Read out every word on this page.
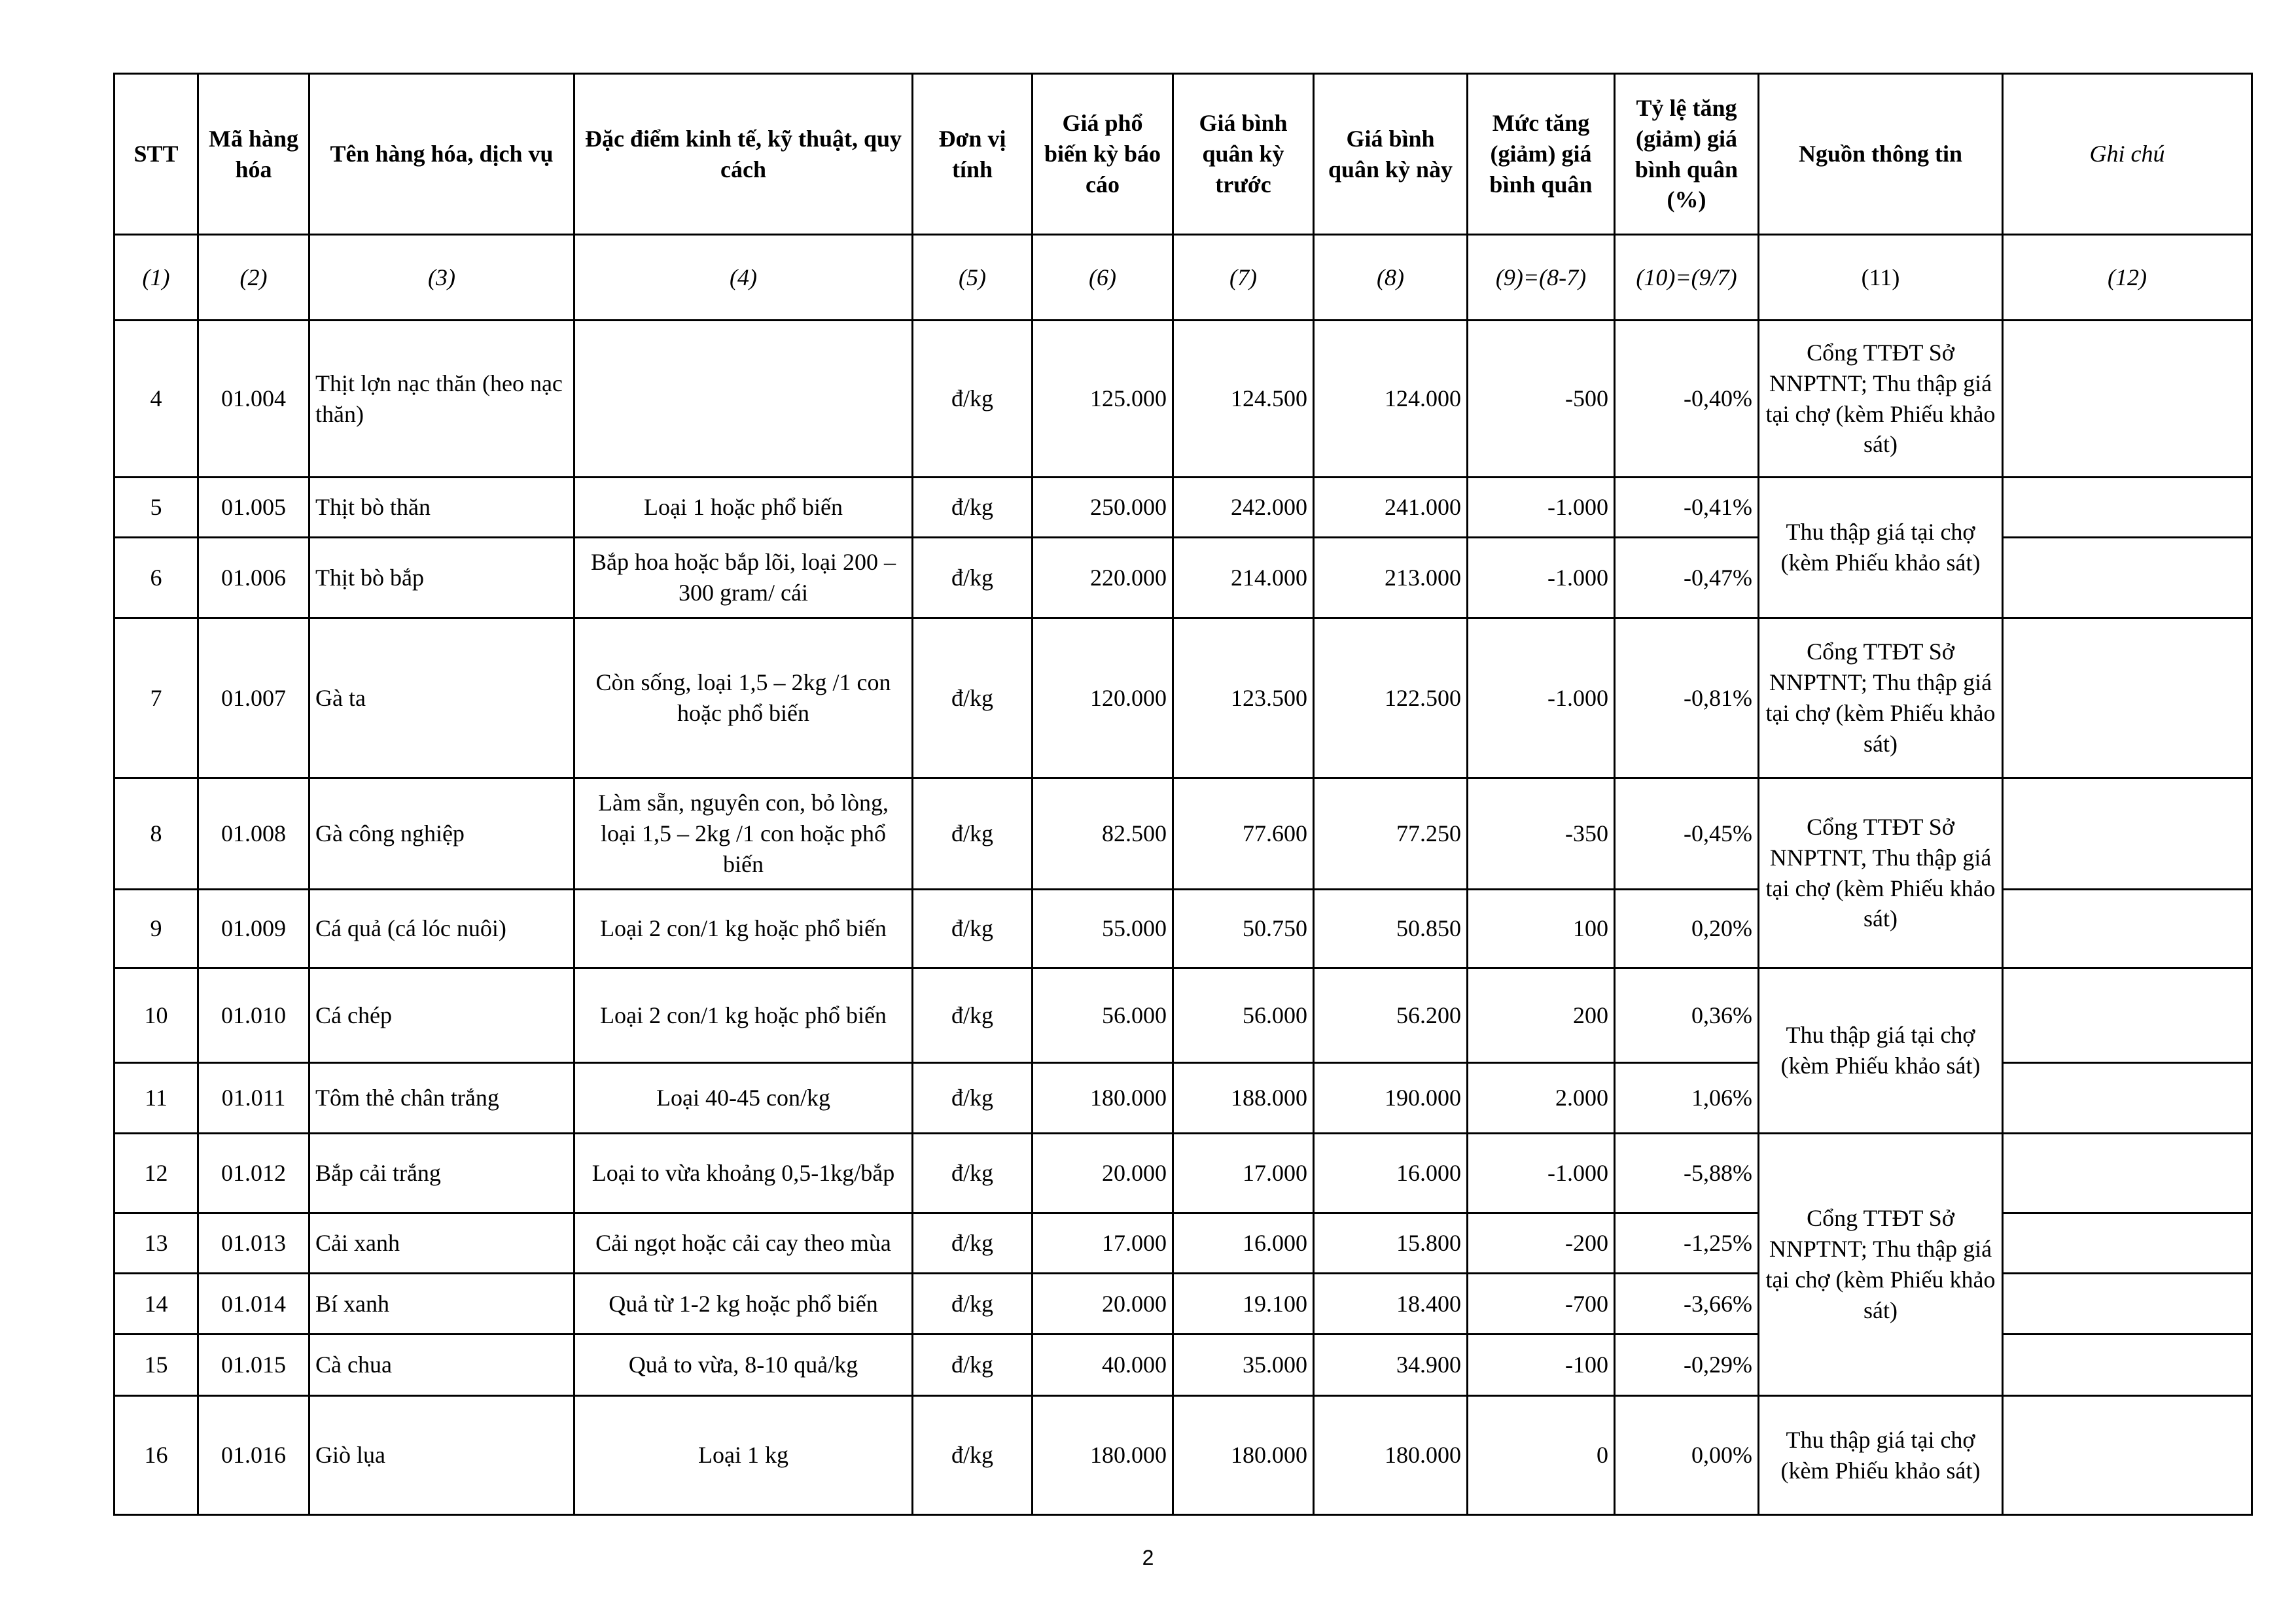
STT	Mã hàng hóa	Tên hàng hóa, dịch vụ	Đặc điểm kinh tế, kỹ thuật, quy cách	Đơn vị tính	Giá phổ biến kỳ báo cáo	Giá bình quân kỳ trước	Giá bình quân kỳ này	Mức tăng (giảm) giá bình quân	Tỷ lệ tăng (giảm) giá bình quân (%)	Nguồn thông tin	Ghi chú
(1)	(2)	(3)	(4)	(5)	(6)	(7)	(8)	(9)=(8-7)	(10)=(9/7)	(11)	(12)
4	01.004	Thịt lợn nạc thăn (heo nạc thăn)		đ/kg	125.000	124.500	124.000	-500	-0,40%	Cổng TTĐT Sở NNPTNT; Thu thập giá tại chợ (kèm Phiếu khảo sát)	
5	01.005	Thịt bò thăn	Loại 1 hoặc phổ biến	đ/kg	250.000	242.000	241.000	-1.000	-0,41%	Thu thập giá tại chợ (kèm Phiếu khảo sát)	
6	01.006	Thịt bò bắp	Bắp hoa hoặc bắp lõi, loại 200 – 300 gram/ cái	đ/kg	220.000	214.000	213.000	-1.000	-0,47%		
7	01.007	Gà ta	Còn sống, loại 1,5 – 2kg /1 con hoặc phổ biến	đ/kg	120.000	123.500	122.500	-1.000	-0,81%	Cổng TTĐT Sở NNPTNT; Thu thập giá tại chợ (kèm Phiếu khảo sát)	
8	01.008	Gà công nghiệp	Làm sẵn, nguyên con, bỏ lòng, loại 1,5 – 2kg /1 con hoặc phổ biến	đ/kg	82.500	77.600	77.250	-350	-0,45%	Cổng TTĐT Sở NNPTNT, Thu thập giá tại chợ (kèm Phiếu khảo sát)	
9	01.009	Cá quả (cá lóc nuôi)	Loại 2 con/1 kg hoặc phổ biến	đ/kg	55.000	50.750	50.850	100	0,20%		
10	01.010	Cá chép	Loại 2 con/1 kg hoặc phổ biến	đ/kg	56.000	56.000	56.200	200	0,36%	Thu thập giá tại chợ (kèm Phiếu khảo sát)	
11	01.011	Tôm thẻ chân trắng	Loại 40-45 con/kg	đ/kg	180.000	188.000	190.000	2.000	1,06%		
12	01.012	Bắp cải trắng	Loại to vừa khoảng 0,5-1kg/bắp	đ/kg	20.000	17.000	16.000	-1.000	-5,88%	Cổng TTĐT Sở NNPTNT; Thu thập giá tại chợ (kèm Phiếu khảo sát)	
13	01.013	Cải xanh	Cải ngọt hoặc cải cay theo mùa	đ/kg	17.000	16.000	15.800	-200	-1,25%		
14	01.014	Bí xanh	Quả từ 1-2 kg hoặc phổ biến	đ/kg	20.000	19.100	18.400	-700	-3,66%		
15	01.015	Cà chua	Quả to vừa, 8-10 quả/kg	đ/kg	40.000	35.000	34.900	-100	-0,29%		
16	01.016	Giò lụa	Loại 1 kg	đ/kg	180.000	180.000	180.000	0	0,00%	Thu thập giá tại chợ (kèm Phiếu khảo sát)	
2
